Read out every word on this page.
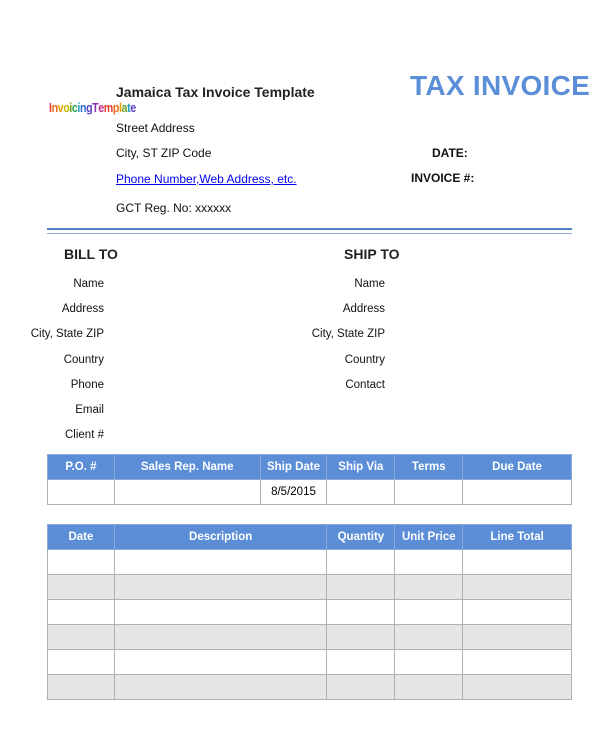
InvoicingTemplate
Jamaica Tax Invoice Template
Street Address
City, ST ZIP Code
Phone Number,Web Address, etc.
GCT Reg. No: xxxxxx
TAX INVOICE
DATE:
INVOICE #:
BILL TO
Name
Address
City, State ZIP
Country
Phone
Email
Client #
SHIP TO
Name
Address
City, State ZIP
Country
Contact
P.O. #	Sales Rep. Name	Ship Date	Ship Via	Terms	Due Date
		8/5/2015			
Date	Description	Quantity	Unit Price	Line Total
